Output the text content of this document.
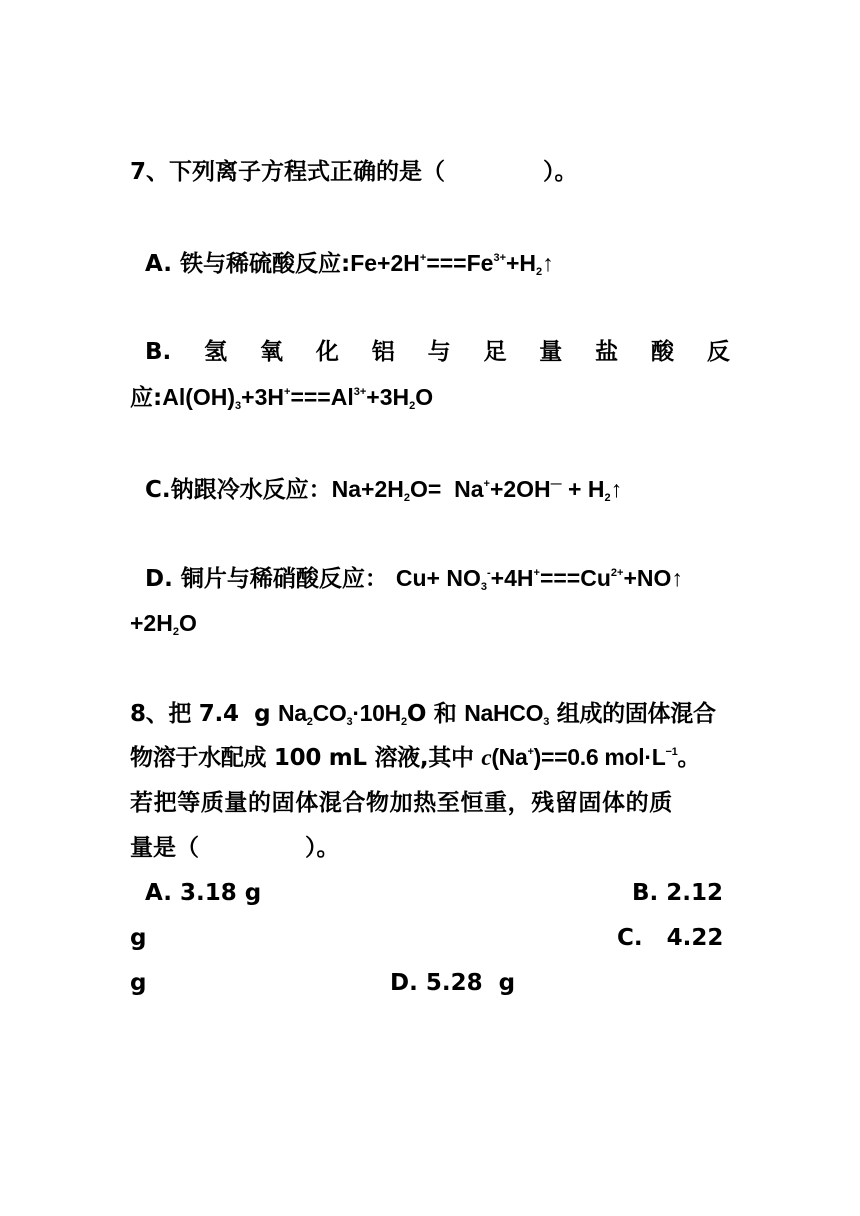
7、下列离子方程式正确的是（	）。
A. 铁与稀硫酸反应$:Fe+2H^+===Fe^{3+}+H_2↑$
B. 氢 氧 化 铝 与 足 量 盐 酸 反
应$:Al(OH)_3+3H^+===Al^{3+}+3H_2O$
C.钠跟冷水反应：$Na+2H_2O= Na^++2OH^—$ + $H_2↑$
D. 铜片与稀硝酸反应： $Cu+ NO_3^-+4H^+===Cu^{2+}+NO↑$
$+2H_2O$
8、把 7.4  g $Na_2CO_3\cdot 10H_2O$ 和 NaHCO$_3$ 组成的固体混合
物溶于水配成 100 mL 溶液,其中 c(Na+)==0.6 $mol\cdot L^{-1}$。
若把等质量的固体混合物加热至恒重，残留固体的质
量是（	）。
A. 3.18 g	B. 2.12
g	C.   4.22
g	D. 5.28  g
